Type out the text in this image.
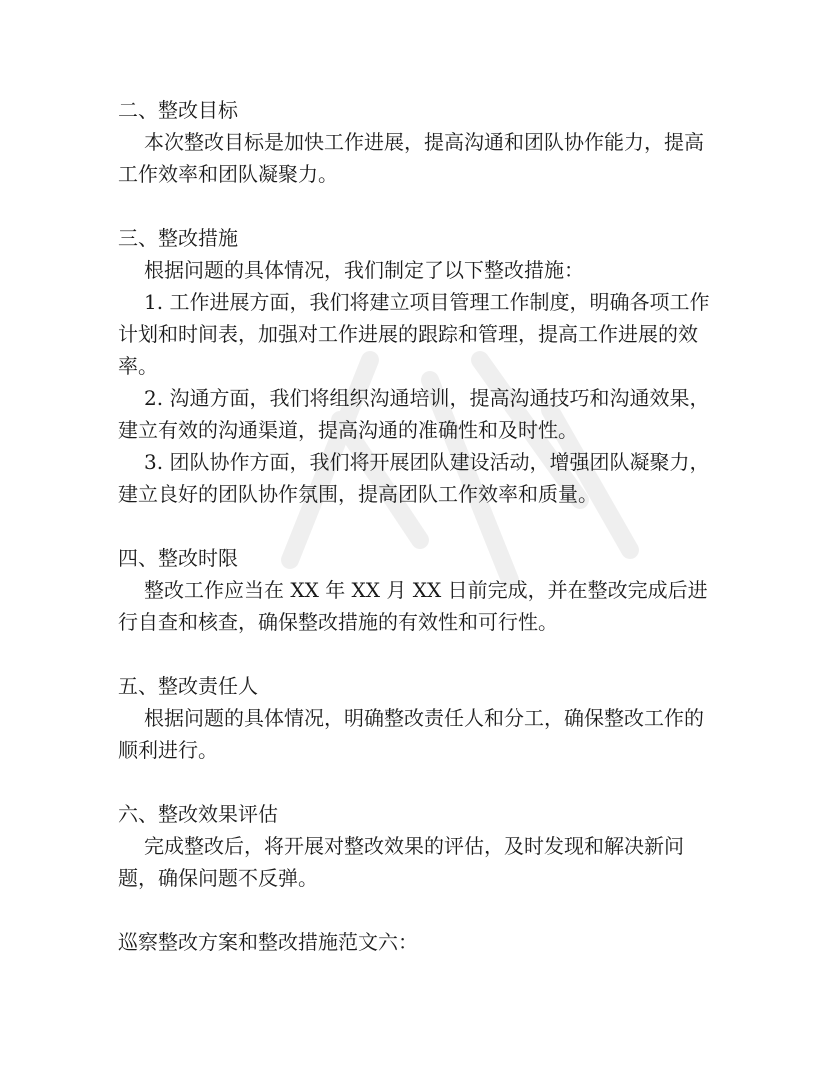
二、整改目标
本次整改目标是加快工作进展，提高沟通和团队协作能力，提高工作效率和团队凝聚力。
三、整改措施
根据问题的具体情况，我们制定了以下整改措施：
1. 工作进展方面，我们将建立项目管理工作制度，明确各项工作计划和时间表，加强对工作进展的跟踪和管理，提高工作进展的效率。
2. 沟通方面，我们将组织沟通培训，提高沟通技巧和沟通效果，建立有效的沟通渠道，提高沟通的准确性和及时性。
3. 团队协作方面，我们将开展团队建设活动，增强团队凝聚力，建立良好的团队协作氛围，提高团队工作效率和质量。
四、整改时限
整改工作应当在 XX 年 XX 月 XX 日前完成，并在整改完成后进行自查和核查，确保整改措施的有效性和可行性。
五、整改责任人
根据问题的具体情况，明确整改责任人和分工，确保整改工作的顺利进行。
六、整改效果评估
完成整改后，将开展对整改效果的评估，及时发现和解决新问题，确保问题不反弹。
巡察整改方案和整改措施范文六：
